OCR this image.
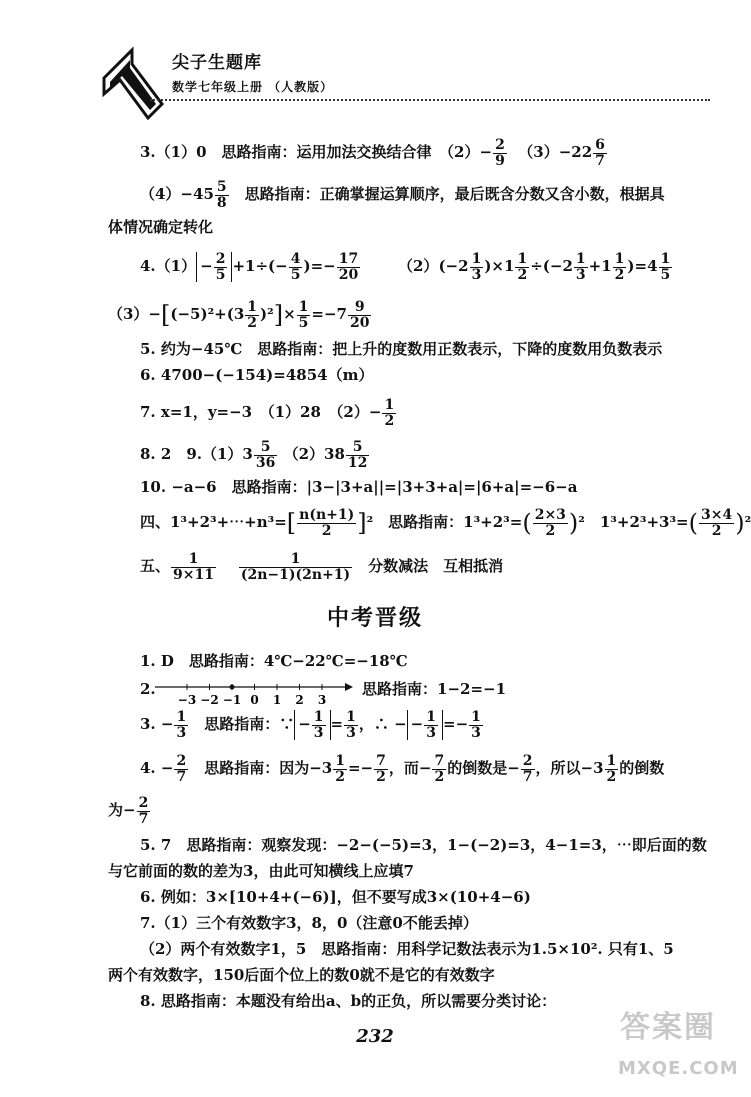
尖子生题库
数学七年级上册 （人教版）
3.（1）0　思路指南：运用加法交换结合律　$(2)- \frac{2}{9} (3)-22 \frac{6}{7}$
$(4)-45 \frac{5}{8}$ 　思路指南：正确掌握运算顺序，最后既含分数又含小数，根据具
体情况确定转化
$4.(1) - \frac{2}{5} +1\div(- \frac{4}{5}$ )=− $\frac{17}{20}$	$(2)(-2 \frac{1}{3} )\times 1 \frac{1}{2} \div(-2 \frac{1}{3} +1 \frac{1}{2} )=4 \frac{1}{5}$
$(3)-[(-5)^2+(3 \frac{1}{2} )^2]\times \frac{1}{5} =-7 \frac{9}{20}$
5. 约为−45℃　思路指南：把上升的度数用正数表示，下降的度数用负数表示
6. 4700−(−154)=4854（m）
7. x=1，y=−3　（1）28　$(2)- \frac{1}{2}$
8. 2　$9.(1)3 \frac{5}{36} (2)38 \frac{5}{12}$
10. −a−6　思路指南：|3−|3+a||=|3+3+a|=|6+a|=−6−a
四、1³+2³+⋯+n³=[ $\frac{n(n+1)}{2} ]^2$　思路指南：$1^3+2^3=( \frac{2\times 3}{2} )^2$　$1^3+2^3+3^3=( \frac{3\times 4}{2} )^2$
五、 $\frac{1}{9\times 11}$
$\frac{1}{(2n-1)(2n+1)}$ 　分数减法　互相抵消
中考晋级
1. D　思路指南：4℃−22℃=−18℃
2.
−3 −2 −1 0 1 2 3
思路指南：1−2=−1
3. − $\frac{1}{3}$ 　思路指南：∵ − $\frac{1}{3} = \frac{1}{3}$ ，∴ − − $\frac{1}{3} =- \frac{1}{3}$
4. − $\frac{2}{7}$ 　思路指南：因为$-3 \frac{1}{2} =- \frac{7}{2}$ ，而− $\frac{7}{2}$ 的倒数是− $\frac{2}{7}$ ，所以$-3 \frac{1}{2}$ 的倒数
为− $\frac{2}{7}$
5. 7　思路指南：观察发现：−2−(−5)=3，1−(−2)=3，4−1=3，⋯即后面的数
与它前面的数的差为3，由此可知横线上应填7
6. 例如：3×[10+4+(−6)]，但不要写成3×(10+4−6)
7.（1）三个有效数字3，8，0（注意0不能丢掉）
（2）两个有效数字1，5　思路指南：用科学记数法表示为1.5×10². 只有1、5
两个有效数字，150后面个位上的数0就不是它的有效数字
8. 思路指南：本题没有给出a、b的正负，所以需要分类讨论：
232	答案圈
MXQE.COM
